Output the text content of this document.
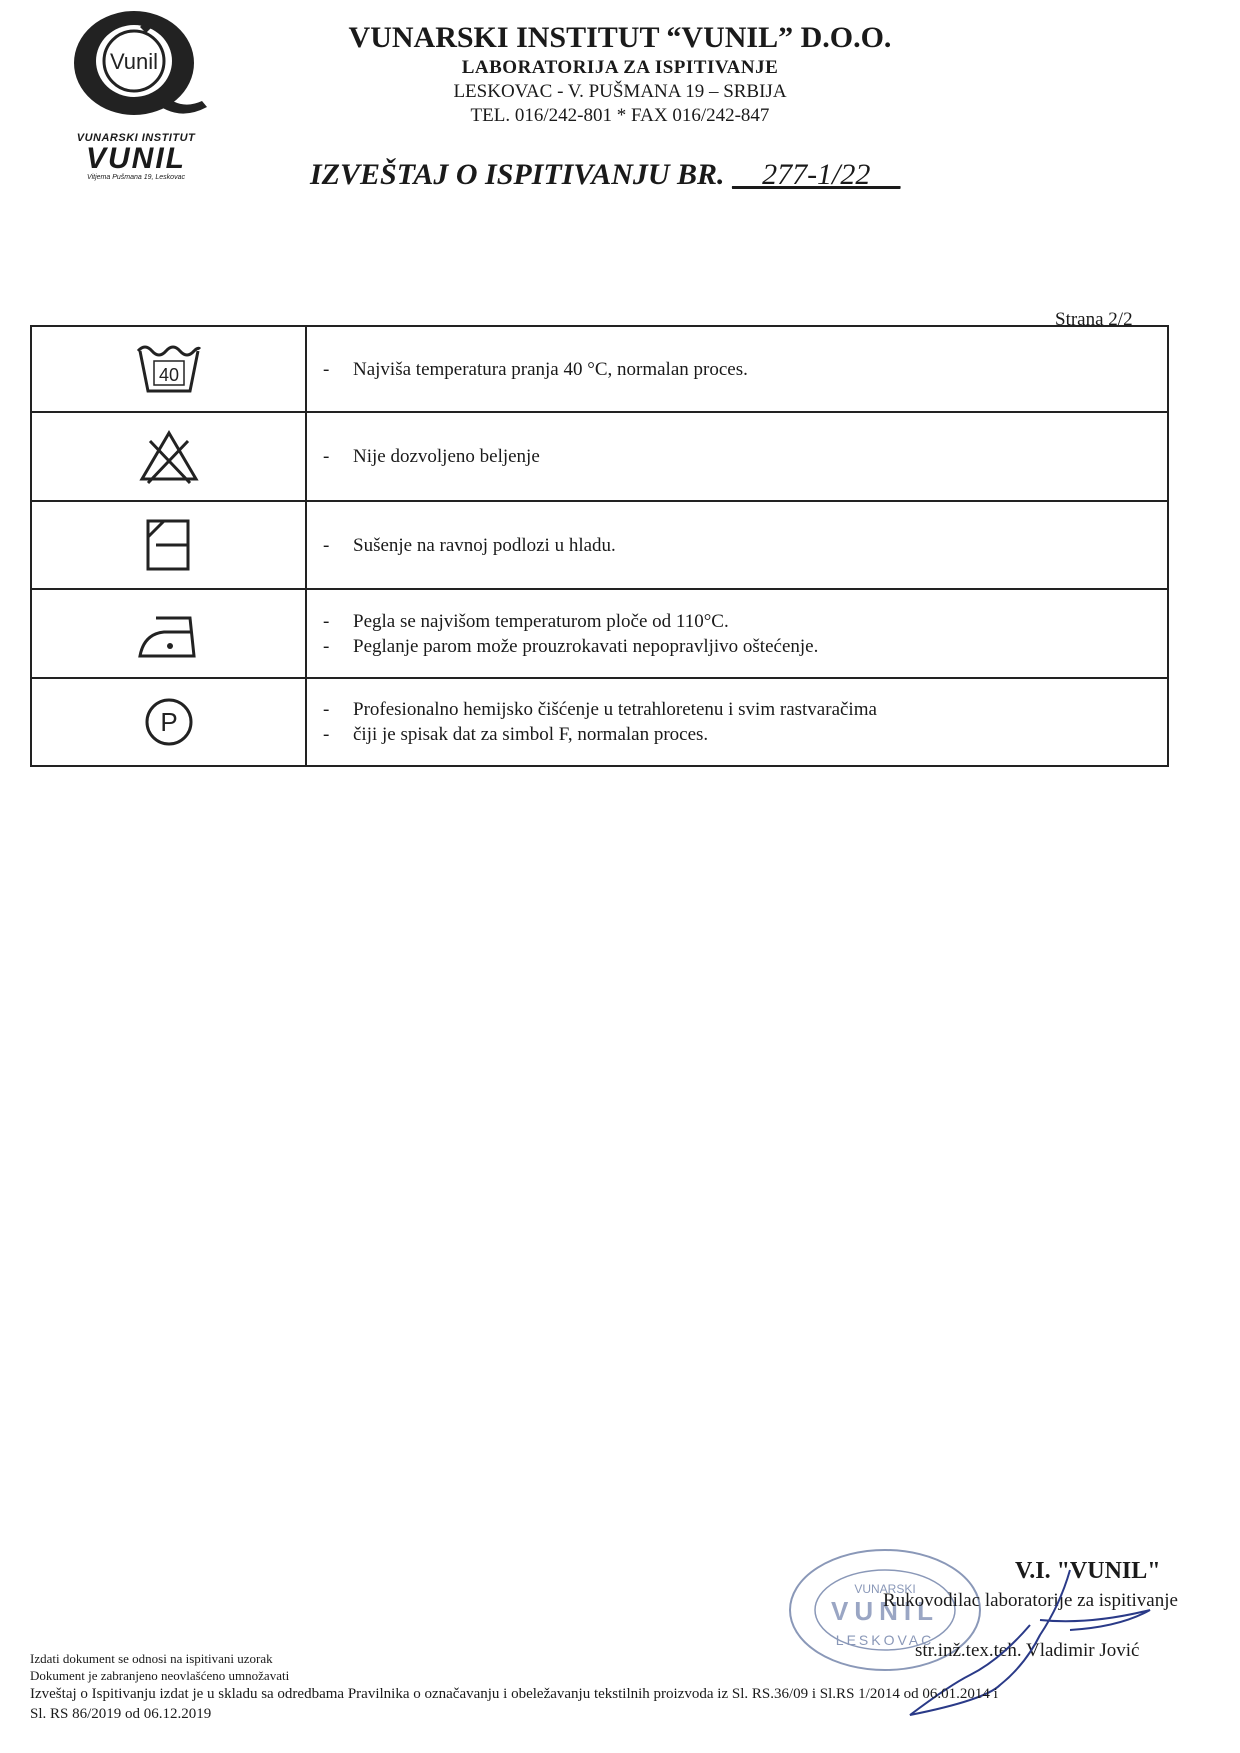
Vunil
VUNARSKI INSTITUT
VUNIL
Vitjema Pušmana 19, Leskovac
VUNARSKI INSTITUT “VUNIL” D.O.O.
LABORATORIJA ZA ISPITIVANJE
LESKOVAC - V. PUŠMANA 19 – SRBIJA
TEL. 016/242-801 * FAX 016/242-847
IZVEŠTAJ O ISPITIVANJU BR. __277-1/22__
Strana 2/2
40	-	Najviša temperatura pranja 40 °C, normalan proces.
-	Nije dozvoljeno beljenje
-	Sušenje na ravnoj podlozi u hladu.
-	Pegla se najvišom temperaturom ploče od 110°C.
-	Peglanje parom može prouzrokavati nepopravljivo oštećenje.
P	-	Profesionalno hemijsko čišćenje u tetrahloretenu i svim rastvaračima
-	čiji je spisak dat za simbol F, normalan proces.
VUNARSKI
VUNIL
LESKOVAC
V.I. "VUNIL"
Rukovodilac laboratorije za ispitivanje
str.inž.tex.teh. Vladimir Jović
Izdati dokument se odnosi na ispitivani uzorak
Dokument je zabranjeno neovlašćeno umnožavati
Izveštaj o Ispitivanju izdat je u skladu sa odredbama Pravilnika o označavanju i obeležavanju tekstilnih proizvoda iz Sl. RS.36/09 i Sl.RS 1/2014 od 06.01.2014 i
Sl. RS 86/2019 od 06.12.2019
